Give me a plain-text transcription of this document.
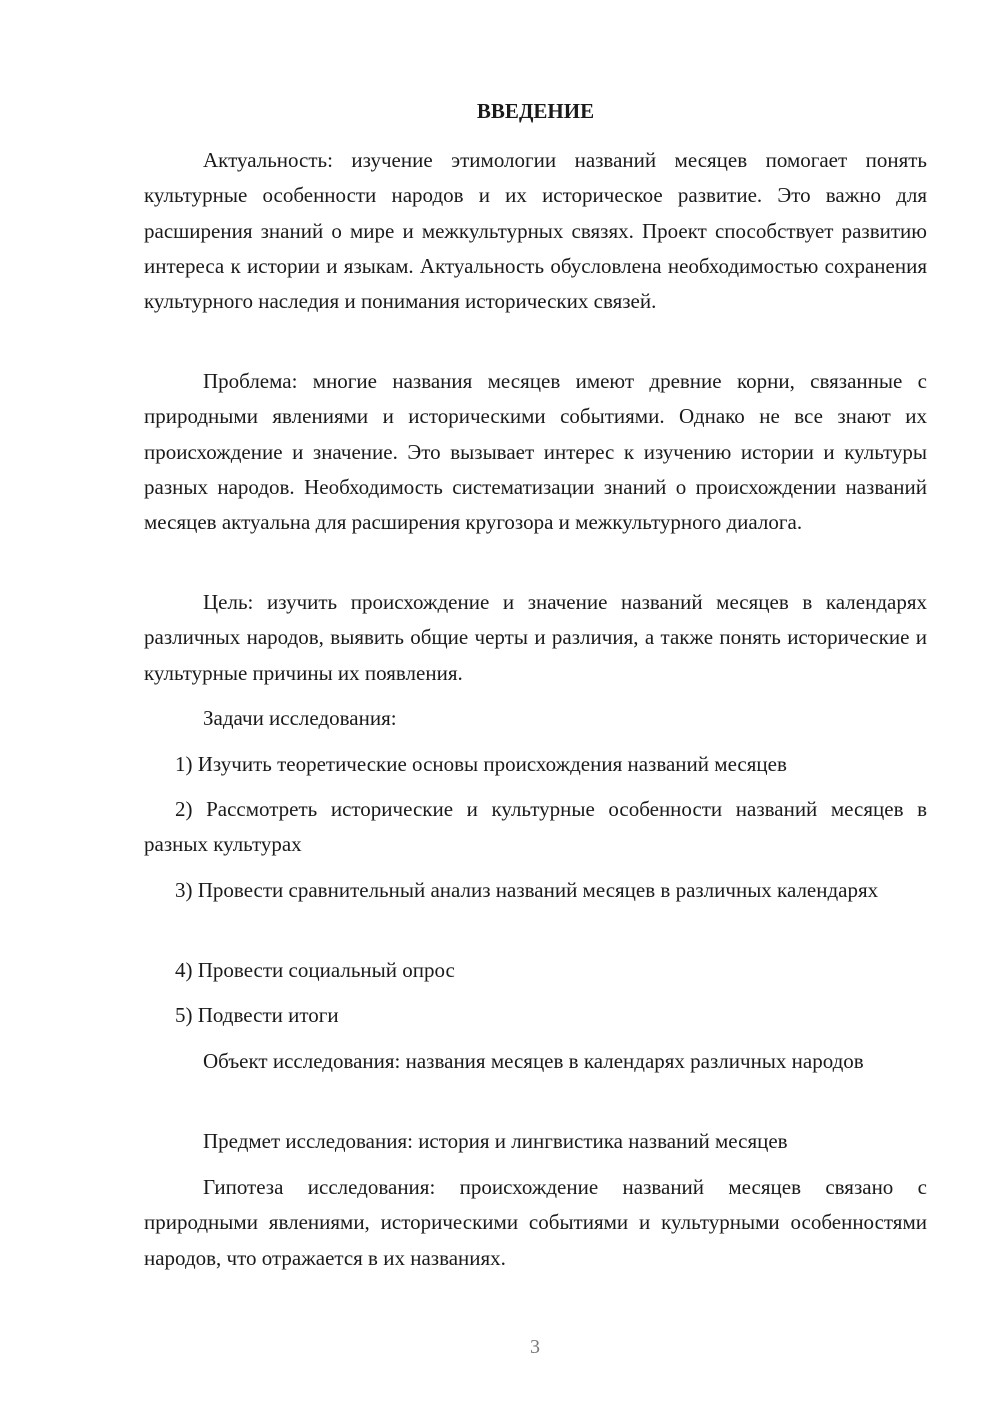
ВВЕДЕНИЕ

Актуальность: изучение этимологии названий месяцев помогает понять культурные особенности народов и их историческое развитие. Это важно для расширения знаний о мире и межкультурных связях. Проект способствует развитию интереса к истории и языкам. Актуальность обусловлена необходимостью сохранения культурного наследия и понимания исторических связей.

Проблема: многие названия месяцев имеют древние корни, связанные с природными явлениями и историческими событиями. Однако не все знают их происхождение и значение. Это вызывает интерес к изучению истории и культуры разных народов. Необходимость систематизации знаний о происхождении названий месяцев актуальна для расширения кругозора и межкультурного диалога.

Цель: изучить происхождение и значение названий месяцев в календарях различных народов, выявить общие черты и различия, а также понять исторические и культурные причины их появления.

Задачи исследования:

1) Изучить теоретические основы происхождения названий месяцев

2) Рассмотреть исторические и культурные особенности названий месяцев в разных культурах

3) Провести сравнительный анализ названий месяцев в различных календарях

4) Провести социальный опрос

5) Подвести итоги

Объект исследования: названия месяцев в календарях различных народов

Предмет исследования: история и лингвистика названий месяцев

Гипотеза исследования: происхождение названий месяцев связано с природными явлениями, историческими событиями и культурными особенностями народов, что отражается в их названиях.

3
